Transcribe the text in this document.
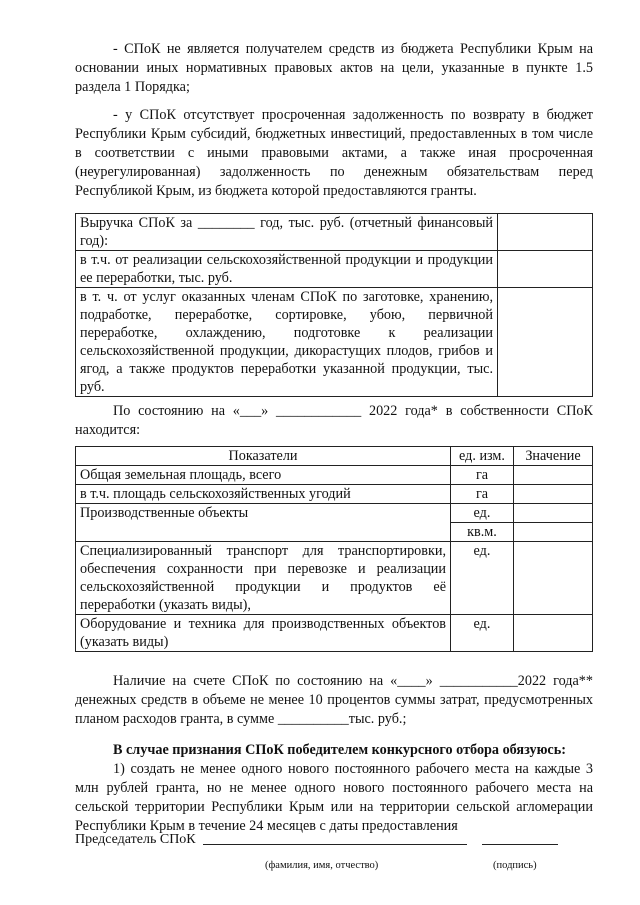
- СПоК не является получателем средств из бюджета Республики Крым на основании иных нормативных правовых актов на цели, указанные в пункте 1.5 раздела 1 Порядка;

- у СПоК отсутствует просроченная задолженность по возврату в бюджет Республики Крым субсидий, бюджетных инвестиций, предоставленных в том числе в соответствии с иными правовыми актами, а также иная просроченная (неурегулированная) задолженность по денежным обязательствам перед Республикой Крым, из бюджета которой предоставляются гранты.

Выручка СПоК за ________ год, тыс. руб. (отчетный финансовый год):	
в т.ч. от реализации сельскохозяйственной продукции и продукции ее переработки, тыс. руб.	
в т. ч. от услуг оказанных членам СПоК по заготовке, хранению, подработке, переработке, сортировке, убою, первичной переработке, охлаждению, подготовке к реализации сельскохозяйственной продукции, дикорастущих плодов, грибов и ягод, а также продуктов переработки указанной продукции, тыс. руб.	

По состоянию на «___» ____________ 2022 года* в собственности СПоК находится:

Показатели	ед. изм.	Значение
Общая земельная площадь, всего	га	
в т.ч. площадь сельскохозяйственных угодий	га	
Производственные объекты	ед.	
	кв.м.	
Специализированный транспорт для транспортировки, обеспечения сохранности при перевозке и реализации сельскохозяйственной продукции и продуктов её переработки (указать виды),	ед.	
Оборудование и техника для производственных объектов (указать виды)	ед.	

Наличие на счете СПоК по состоянию на «____» ___________2022 года** денежных средств в объеме не менее 10 процентов суммы затрат, предусмотренных планом расходов гранта, в сумме __________тыс. руб.;

В случае признания СПоК победителем конкурсного отбора обязуюсь:

1) создать не менее одного нового постоянного рабочего места на каждые 3 млн рублей гранта, но не менее одного нового постоянного рабочего места на сельской территории Республики Крым или на территории сельской агломерации Республики Крым в течение 24 месяцев с даты предоставления

Председатель СПоК
(фамилия, имя, отчество)	(подпись)
